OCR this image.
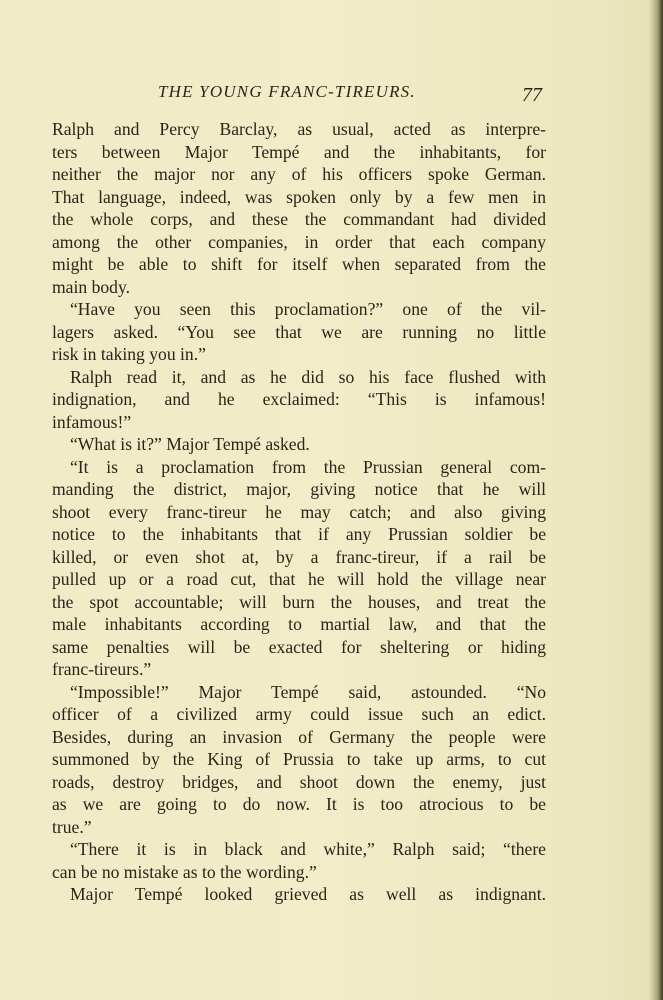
THE YOUNG FRANC-TIREURS.	77
Ralph and Percy Barclay, as usual, acted as interpre-
ters between Major Tempé and the inhabitants, for
neither the major nor any of his officers spoke German.
That language, indeed, was spoken only by a few men in
the whole corps, and these the commandant had divided
among the other companies, in order that each company
might be able to shift for itself when separated from the
main body.
“Have you seen this proclamation?” one of the vil-
lagers asked. “You see that we are running no little
risk in taking you in.”
Ralph read it, and as he did so his face flushed with
indignation, and he exclaimed: “This is infamous!
infamous!”
“What is it?” Major Tempé asked.
“It is a proclamation from the Prussian general com-
manding the district, major, giving notice that he will
shoot every franc-tireur he may catch; and also giving
notice to the inhabitants that if any Prussian soldier be
killed, or even shot at, by a franc-tireur, if a rail be
pulled up or a road cut, that he will hold the village near
the spot accountable; will burn the houses, and treat the
male inhabitants according to martial law, and that the
same penalties will be exacted for sheltering or hiding
franc-tireurs.”
“Impossible!” Major Tempé said, astounded. “No
officer of a civilized army could issue such an edict.
Besides, during an invasion of Germany the people were
summoned by the King of Prussia to take up arms, to cut
roads, destroy bridges, and shoot down the enemy, just
as we are going to do now. It is too atrocious to be
true.”
“There it is in black and white,” Ralph said; “there
can be no mistake as to the wording.”
Major Tempé looked grieved as well as indignant.
